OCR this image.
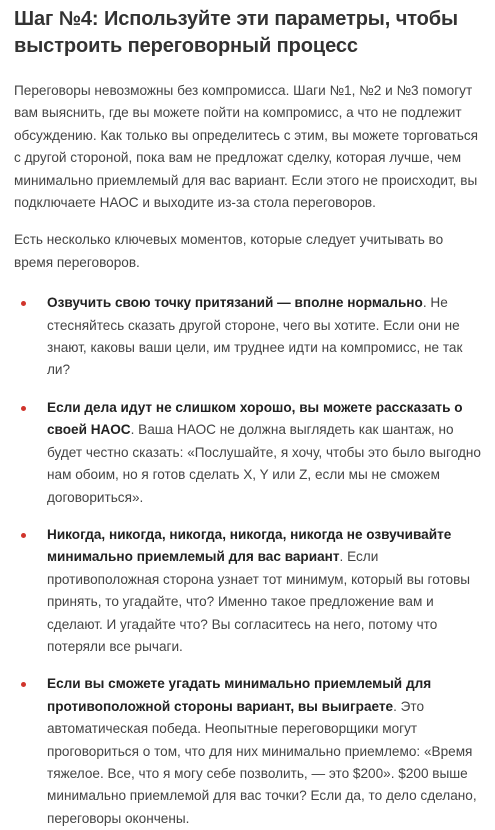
Шаг №4: Используйте эти параметры, чтобы выстроить переговорный процесс

Переговоры невозможны без компромисса. Шаги №1, №2 и №3 помогут вам выяснить, где вы можете пойти на компромисс, а что не подлежит обсуждению. Как только вы определитесь с этим, вы можете торговаться с другой стороной, пока вам не предложат сделку, которая лучше, чем минимально приемлемый для вас вариант. Если этого не происходит, вы подключаете НАОС и выходите из-за стола переговоров.

Есть несколько ключевых моментов, которые следует учитывать во время переговоров.

Озвучить свою точку притязаний — вполне нормально. Не стесняйтесь сказать другой стороне, чего вы хотите. Если они не знают, каковы ваши цели, им труднее идти на компромисс, не так ли?
Если дела идут не слишком хорошо, вы можете рассказать о своей НАОС. Ваша НАОС не должна выглядеть как шантаж, но будет честно сказать: «Послушайте, я хочу, чтобы это было выгодно нам обоим, но я готов сделать X, Y или Z, если мы не сможем договориться».
Никогда, никогда, никогда, никогда, никогда не озвучивайте минимально приемлемый для вас вариант. Если противоположная сторона узнает тот минимум, который вы готовы принять, то угадайте, что? Именно такое предложение вам и сделают. И угадайте что? Вы согласитесь на него, потому что потеряли все рычаги.
Если вы сможете угадать минимально приемлемый для противоположной стороны вариант, вы выиграете. Это автоматическая победа. Неопытные переговорщики могут проговориться о том, что для них минимально приемлемо: «Время тяжелое. Все, что я могу себе позволить, — это $200». $200 выше минимально приемлемой для вас точки? Если да, то дело сделано, переговоры окончены.
